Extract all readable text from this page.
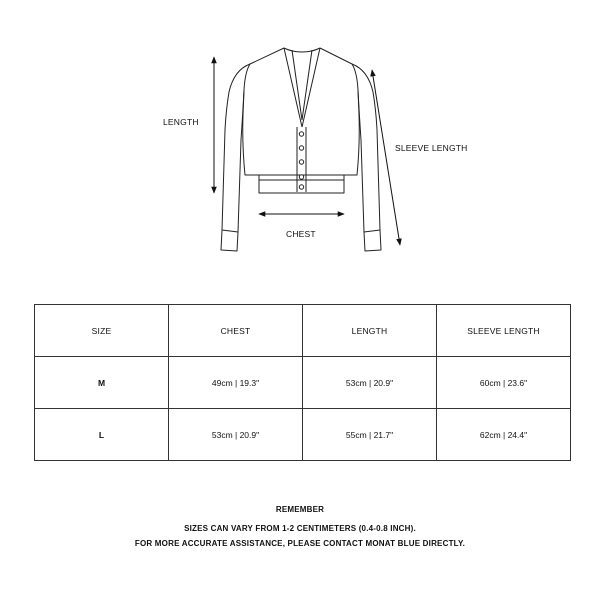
LENGTH
SLEEVE LENGTH
CHEST
SIZE	CHEST	LENGTH	SLEEVE LENGTH
M	49cm | 19.3"	53cm | 20.9"	60cm | 23.6"
L	53cm | 20.9"	55cm | 21.7"	62cm | 24.4"
REMEMBER
SIZES CAN VARY FROM 1-2 CENTIMETERS (0.4-0.8 INCH).
FOR MORE ACCURATE ASSISTANCE, PLEASE CONTACT MONAT BLUE DIRECTLY.
